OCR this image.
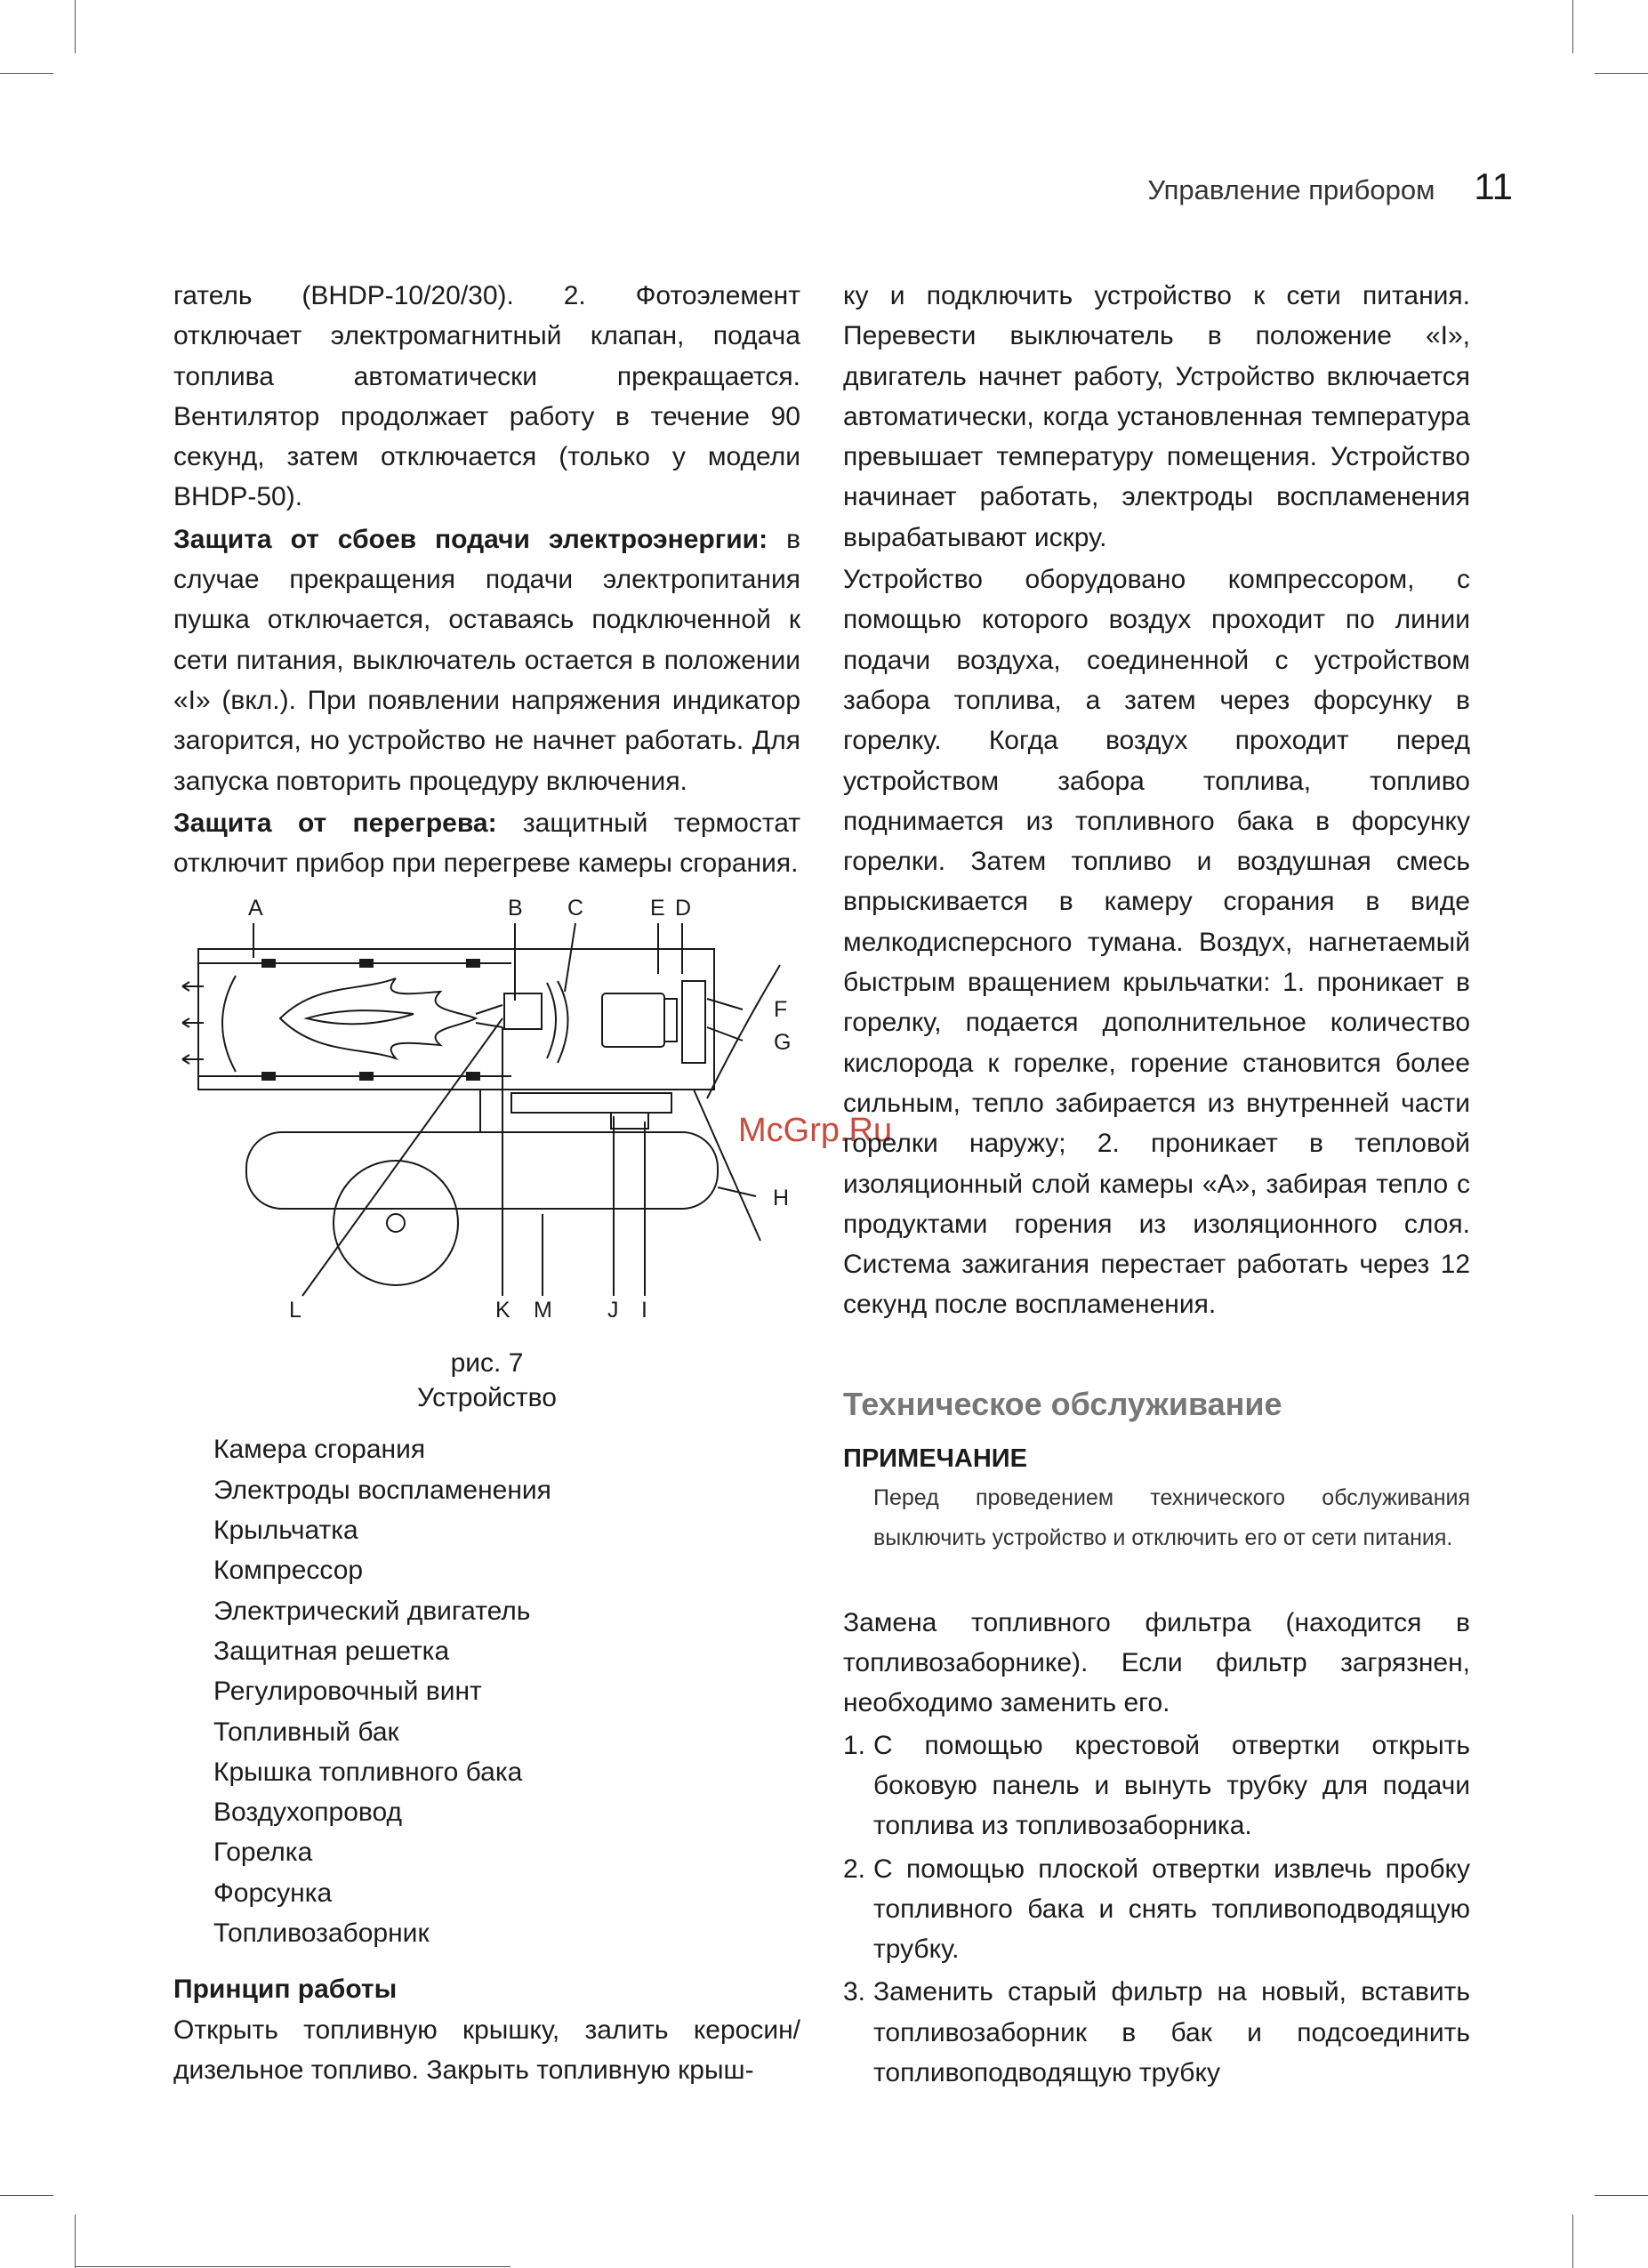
Управление прибором 11
McGrp.Ru

гатель (BHDP-10/20/30). 2. Фотоэлемент отключает электромагнитный клапан, подача топлива автоматически прекращается. Вентилятор продолжает работу в течение 90 секунд, затем отключается (только у модели BHDP-50).

Защита от сбоев подачи электроэнергии: в случае прекращения подачи электропитания пушка отключается, оставаясь подключенной к сети питания, выключатель остается в положении «I» (вкл.). При появлении напряжения индикатор загорится, но устройство не начнет работать. Для запуска повторить процедуру включения.

Защита от перегрева: защитный термостат отключит прибор при перегреве камеры сгорания.

A	B C	E D
F
G
H
L	K M J I
рис. 7
Устройство
Камера сгорания
Электроды воспламенения
Крыльчатка
Компрессор
Электрический двигатель
Защитная решетка
Регулировочный винт
Топливный бак
Крышка топливного бака
Воздухопровод
Горелка
Форсунка
Топливозаборник
Принцип работы

Открыть топливную крышку, залить керосин/дизельное топливо. Закрыть топливную крыш-

ку и подключить устройство к сети питания. Перевести выключатель в положение «I», двигатель начнет работу, Устройство включается автоматически, когда установленная температура превышает температуру помещения. Устройство начинает работать, электроды воспламенения вырабатывают искру.

Устройство оборудовано компрессором, с помощью которого воздух проходит по линии подачи воздуха, соединенной с устройством забора топлива, а затем через форсунку в горелку. Когда воздух проходит перед устройством забора топлива, топливо поднимается из топливного бака в форсунку горелки. Затем топливо и воздушная смесь впрыскивается в камеру сгорания в виде мелкодисперсного тумана. Воздух, нагнетаемый быстрым вращением крыльчатки: 1. проникает в горелку, подается дополнительное количество кислорода к горелке, горение становится более сильным, тепло забирается из внутренней части горелки наружу; 2. проникает в тепловой изоляционный слой камеры «А», забирая тепло с продуктами горения из изоляционного слоя. Система зажигания перестает работать через 12 секунд после воспламенения.

Техническое обслуживание
ПРИМЕЧАНИЕ
Перед проведением технического обслуживания выключить устройство и отключить его от сети питания.

Замена топливного фильтра (находится в топливозаборнике). Если фильтр загрязнен, необходимо заменить его.

1. С помощью крестовой отвертки открыть боковую панель и вынуть трубку для подачи топлива из топливозаборника.
2. С помощью плоской отвертки извлечь пробку топливного бака и снять топливоподводящую трубку.
3. Заменить старый фильтр на новый, вставить топливозаборник в бак и подсоединить топливоподводящую трубку
